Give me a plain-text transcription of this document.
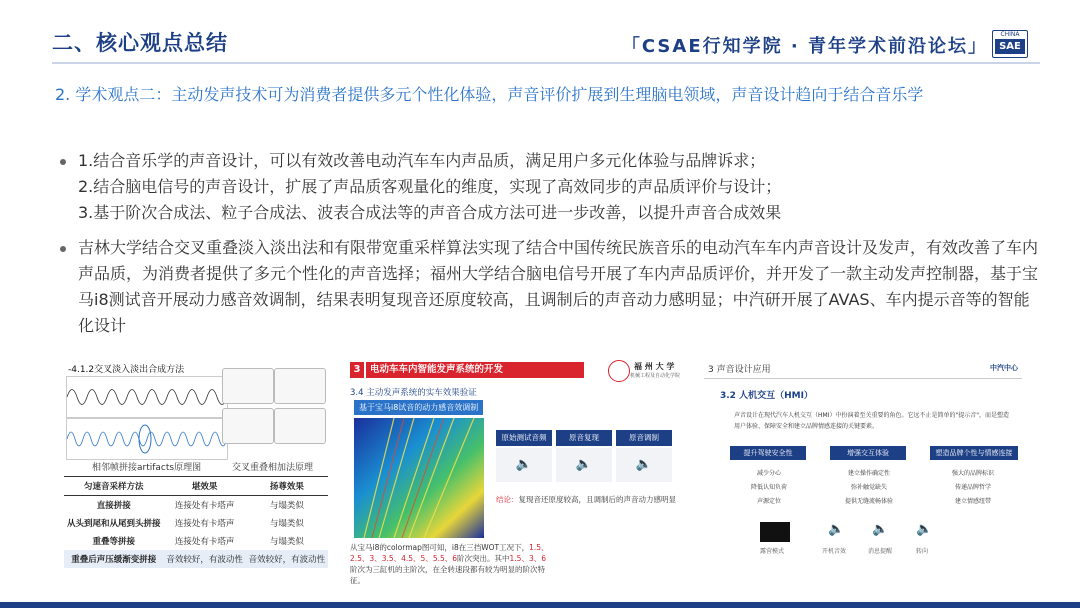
二、核心观点总结	「CSAE行知学院 · 青年学术前沿论坛」
CHINA
SAE
2. 学术观点二：主动发声技术可为消费者提供多元个性化体验，声音评价扩展到生理脑电领域，声音设计趋向于结合音乐学
1.结合音乐学的声音设计，可以有效改善电动汽车车内声品质，满足用户多元化体验与品牌诉求；
2.结合脑电信号的声音设计，扩展了声品质客观量化的维度，实现了高效同步的声品质评价与设计；
3.基于阶次合成法、粒子合成法、波表合成法等的声音合成方法可进一步改善，以提升声音合成效果
吉林大学结合交叉重叠淡入淡出法和有限带宽重采样算法实现了结合中国传统民族音乐的电动汽车车内声音设计及发声，有效改善了车内声品质，为消费者提供了多元个性化的声音选择；福州大学结合脑电信号开展了车内声品质评价，并开发了一款主动发声控制器，基于宝马i8测试音开展动力感音效调制，结果表明复现音还原度较高，且调制后的声音动力感明显；中汽研开展了AVAS、车内提示音等的智能化设计
-4.1.2交叉淡入淡出合成方法
相邻帧拼接artifacts原理图	交叉重叠相加法原理
匀速音采样方法	堪效果	扬尊效果
直接拼接	连接处有卡塔声	与塌类似
从头到尾和从尾到头拼接	连接处有卡塔声	与塌类似
重叠等拼接	连接处有卡塔声	与塌类似
重叠后声压缓渐变拼接	音效较好，有波动性	音效较好，有波动性
3	电动车车内智能发声系统的开发	福 州 大 学
机械工程及自动化学院
3.4 主动发声系统的实车效果验证
基于宝马i8试音的动力感音效调制
原始测试音频	原音复现	原音调制
🔈	🔈	🔈
结论：复现音还原度较高，且调制后的声音动力感明显
从宝马i8的colormap图可知，i8在三挡WOT工况下，1.5、2.5、3、3.5、4.5、5、5.5、6阶次突出。其中1.5、3、6阶次为三缸机的主阶次，在全转速段都有较为明显的阶次特征。
3 声音设计应用	中汽中心
3.2 人机交互（HMI）
声音设计在现代汽车人机交互（HMI）中扮演着至关重要的角色。它远不止是简单的"提示音"，而是塑造用户体验、保障安全和建立品牌情感连接的关键要素。
提升驾驶安全性	增强交互体验	塑造品牌个性与情感连接
减少分心
降低认知负荷
声源定位
建立操作确定性
弥补触觉缺失
提供无缝流畅体验
强大的品牌标识
传递品牌哲学
建立情感纽带
🔈 🔈 🔈
露营模式	开机音效	消息提醒	转向
